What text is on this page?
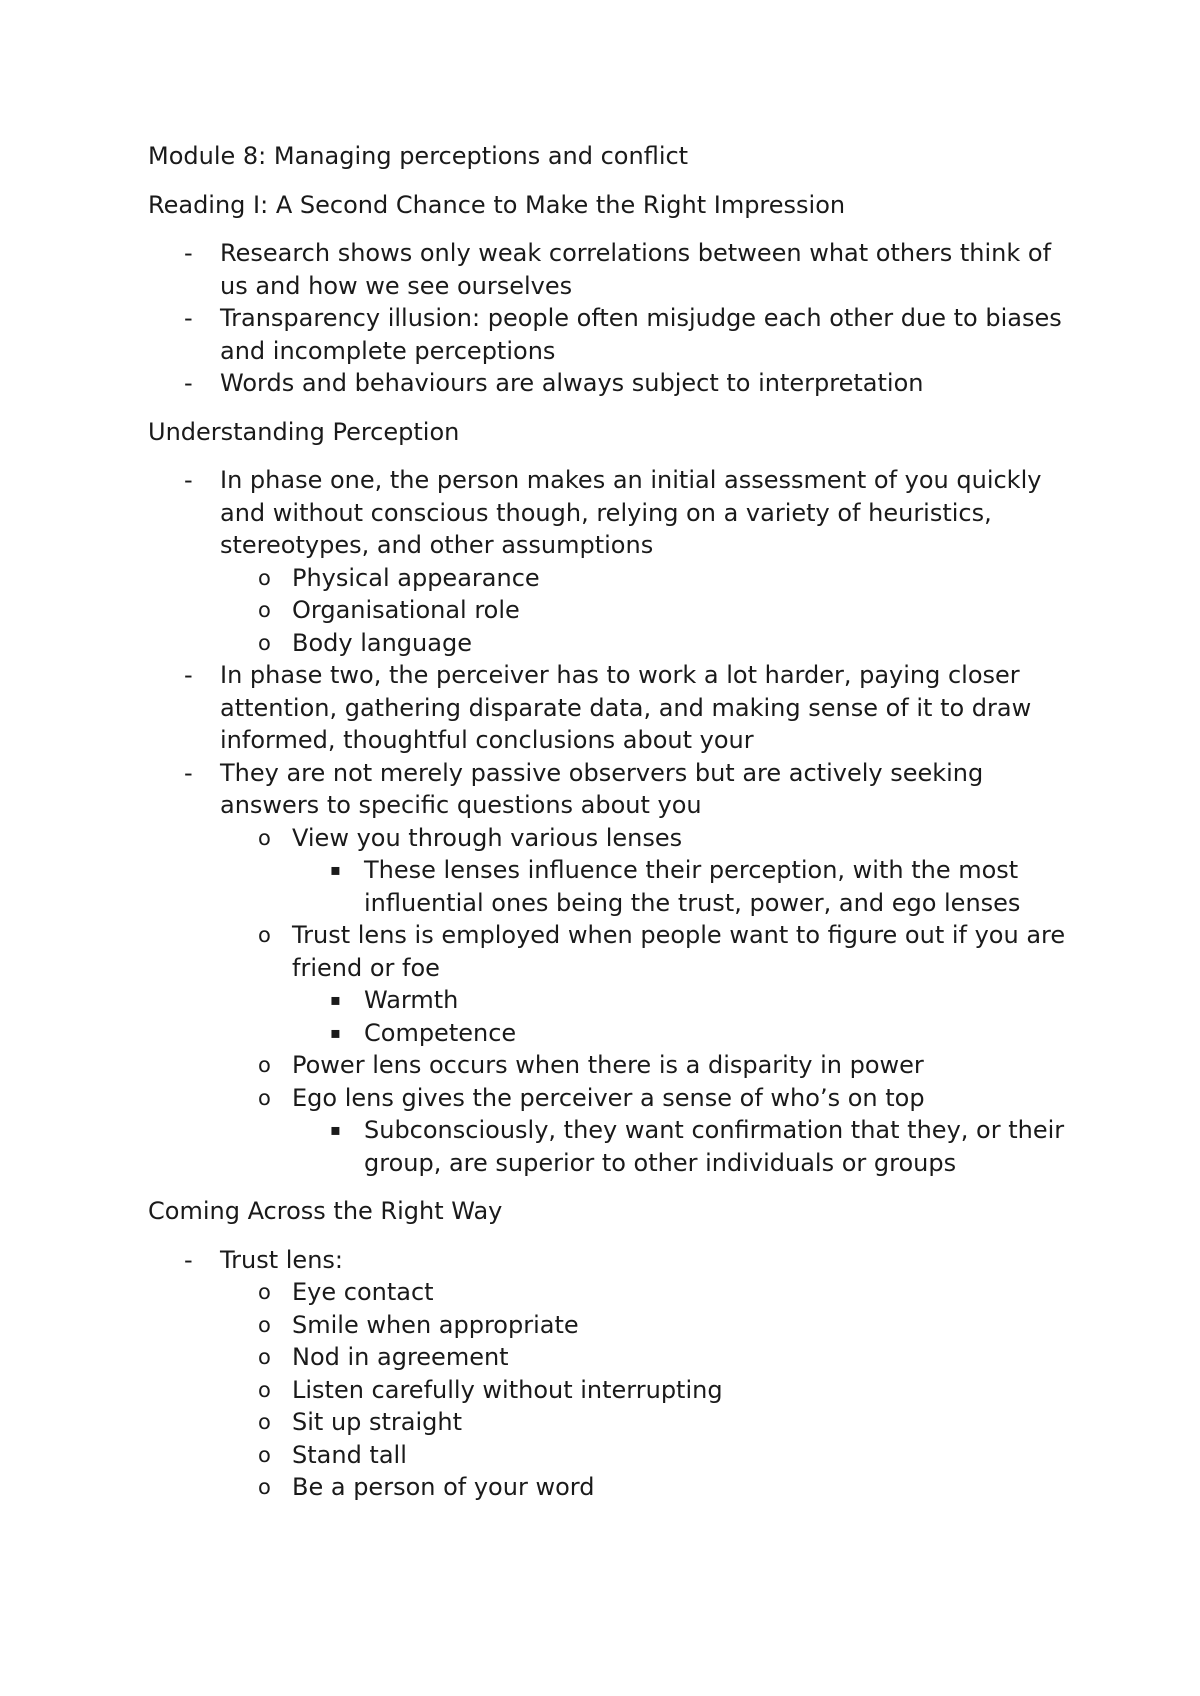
Module 8: Managing perceptions and conflict

Reading I: A Second Chance to Make the Right Impression

-	Research shows only weak correlations between what others think of us and how we see ourselves
-	Transparency illusion: people often misjudge each other due to biases and incomplete perceptions
-	Words and behaviours are always subject to interpretation

Understanding Perception

-	In phase one, the person makes an initial assessment of you quickly and without conscious though, relying on a variety of heuristics, stereotypes, and other assumptions
o Physical appearance
o Organisational role
o Body language
-	In phase two, the perceiver has to work a lot harder, paying closer attention, gathering disparate data, and making sense of it to draw informed, thoughtful conclusions about your
-	They are not merely passive observers but are actively seeking answers to specific questions about you
o View you through various lenses
▪ These lenses influence their perception, with the most influential ones being the trust, power, and ego lenses
o Trust lens is employed when people want to figure out if you are friend or foe
▪ Warmth
▪ Competence
o Power lens occurs when there is a disparity in power
o Ego lens gives the perceiver a sense of who’s on top
▪ Subconsciously, they want confirmation that they, or their group, are superior to other individuals or groups

Coming Across the Right Way

-	Trust lens:
o Eye contact
o Smile when appropriate
o Nod in agreement
o Listen carefully without interrupting
o Sit up straight
o Stand tall
o Be a person of your word
